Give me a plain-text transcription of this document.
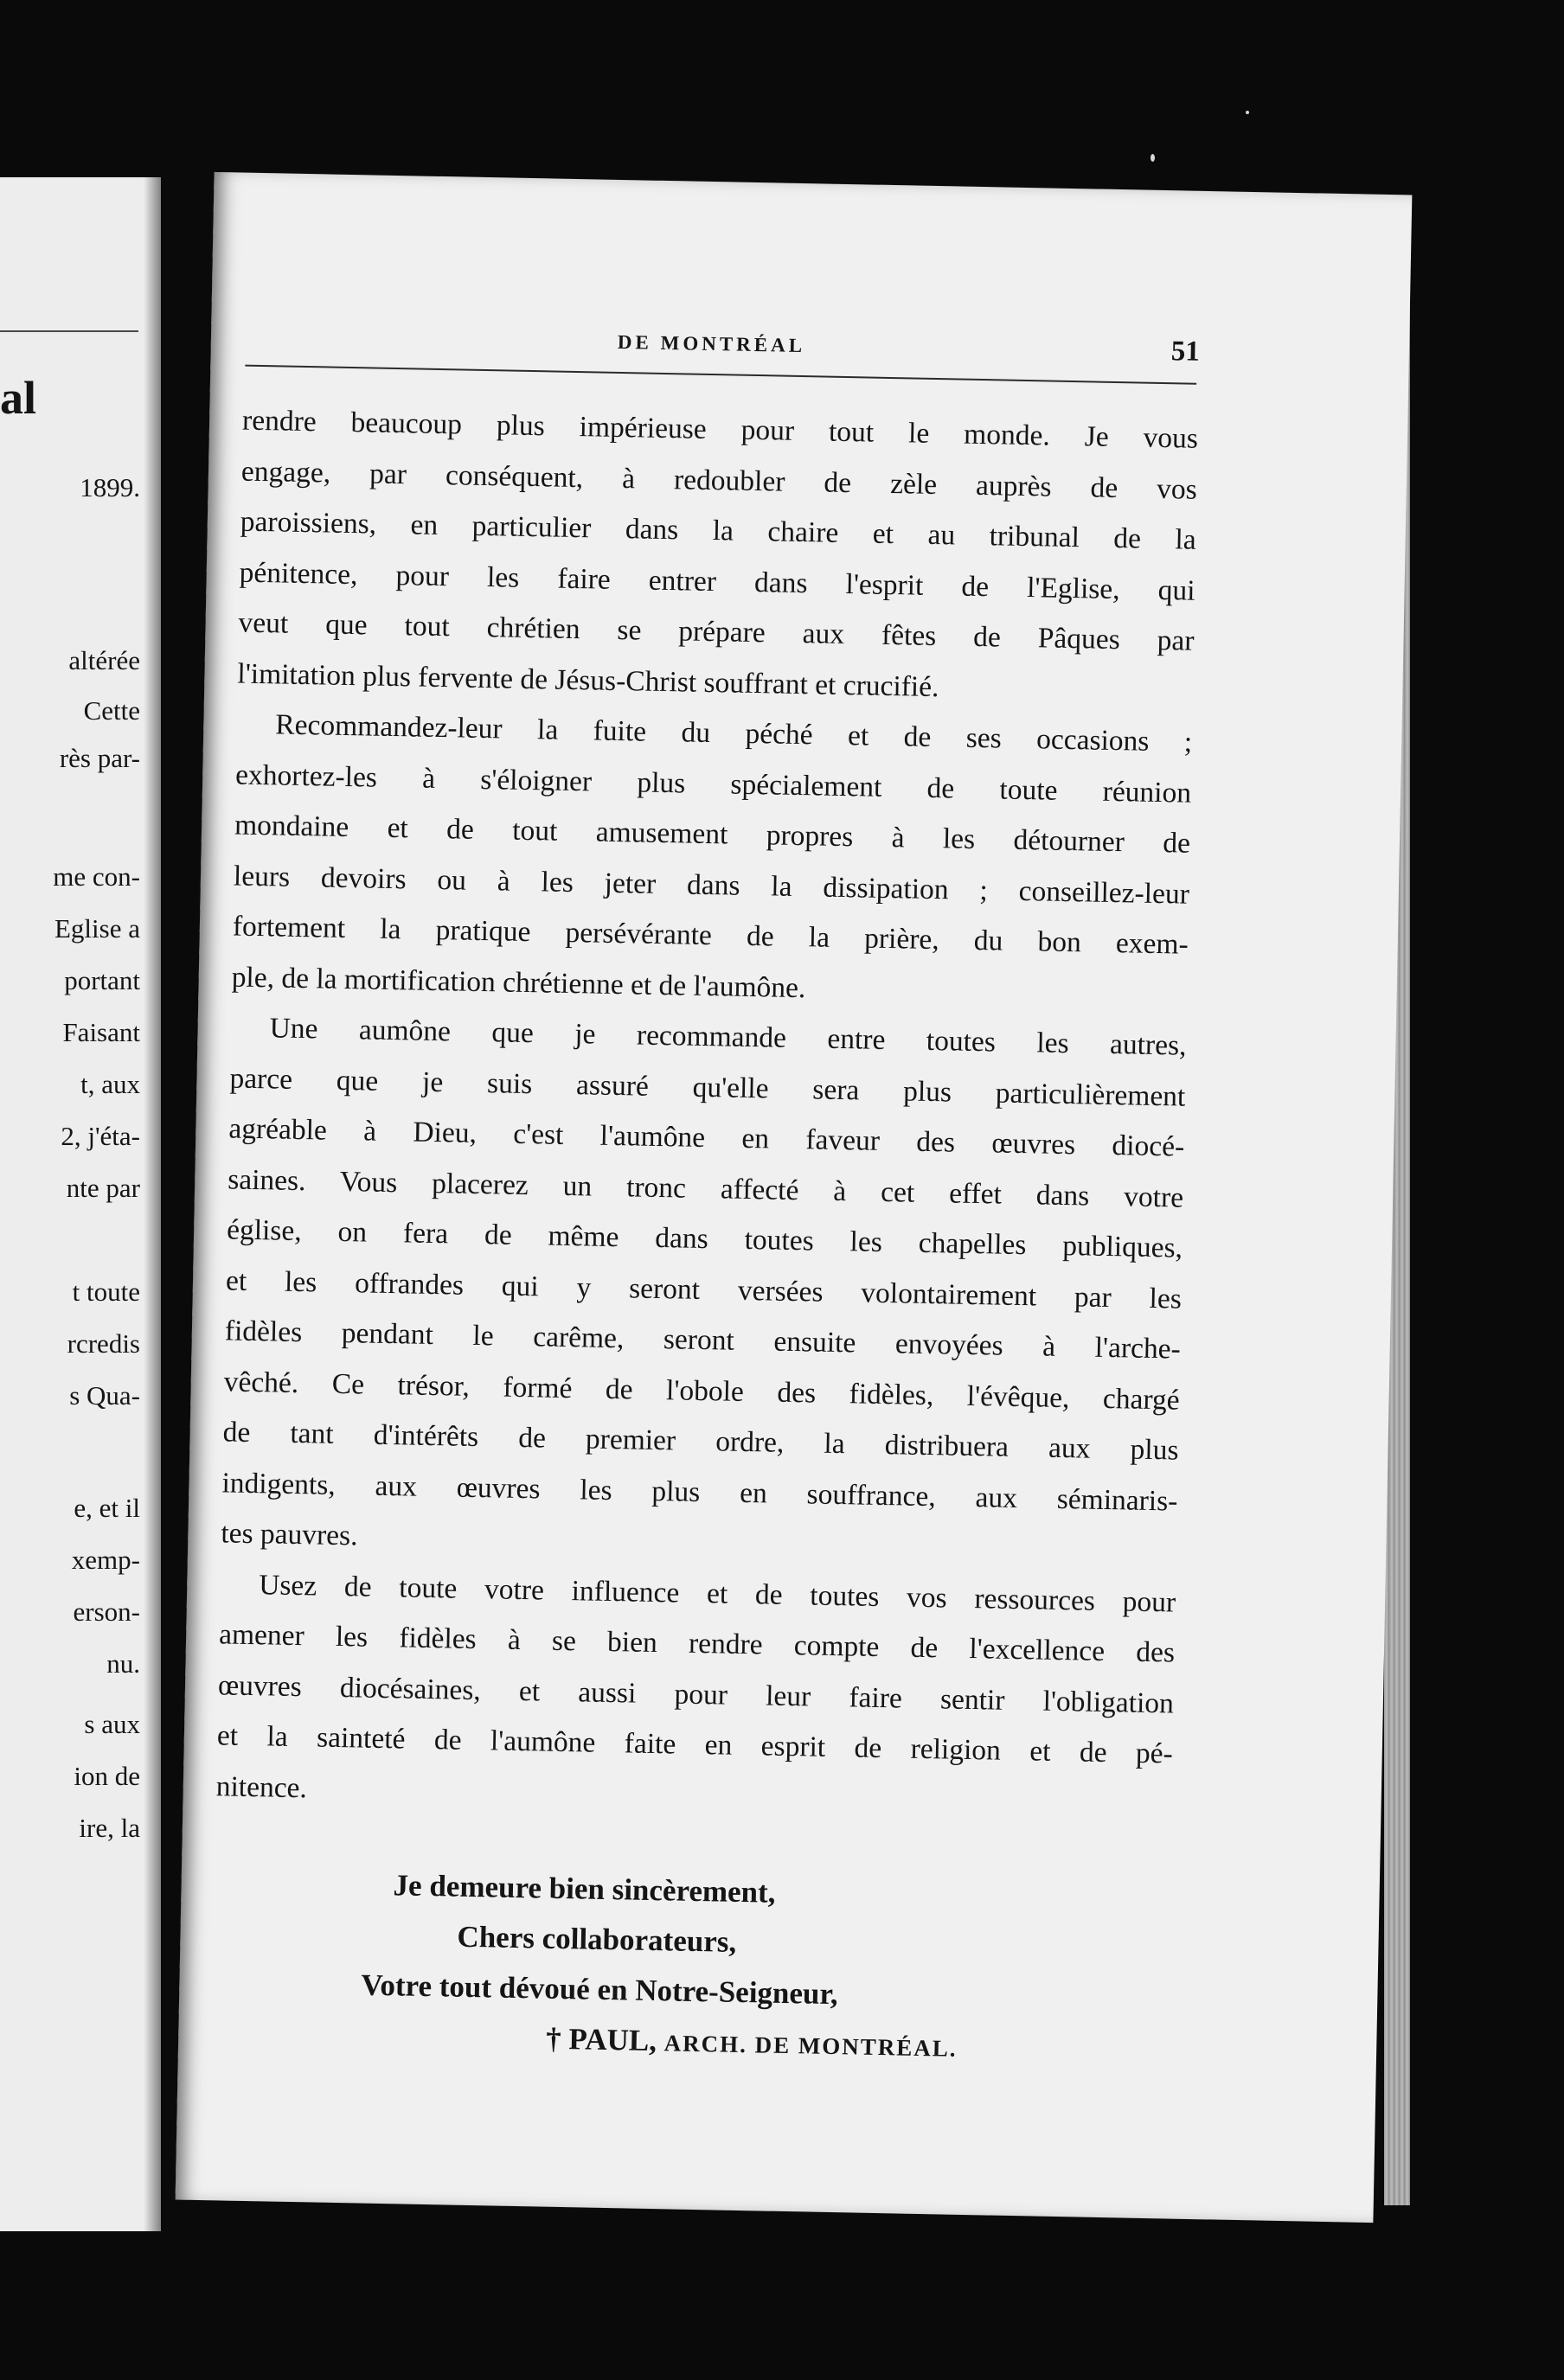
al
1899.
altérée
Cette
rès par-
me con-
Eglise a
portant
Faisant
t, aux
2, j'éta-
nte par
t toute
rcredis
s Qua-
e, et il
xemp-
erson-
nu.
s aux
ion de
ire, la
DE MONTRÉAL	51
rendre beaucoup plus impérieuse pour tout le monde. Je vous
engage, par conséquent, à redoubler de zèle auprès de vos
paroissiens, en particulier dans la chaire et au tribunal de la
pénitence, pour les faire entrer dans l'esprit de l'Eglise, qui
veut que tout chrétien se prépare aux fêtes de Pâques par
l'imitation plus fervente de Jésus-Christ souffrant et crucifié.
Recommandez-leur la fuite du péché et de ses occasions ;
exhortez-les à s'éloigner plus spécialement de toute réunion
mondaine et de tout amusement propres à les détourner de
leurs devoirs ou à les jeter dans la dissipation ; conseillez-leur
fortement la pratique persévérante de la prière, du bon exem-
ple, de la mortification chrétienne et de l'aumône.
Une aumône que je recommande entre toutes les autres,
parce que je suis assuré qu'elle sera plus particulièrement
agréable à Dieu, c'est l'aumône en faveur des œuvres diocé-
saines. Vous placerez un tronc affecté à cet effet dans votre
église, on fera de même dans toutes les chapelles publiques,
et les offrandes qui y seront versées volontairement par les
fidèles pendant le carême, seront ensuite envoyées à l'arche-
vêché. Ce trésor, formé de l'obole des fidèles, l'évêque, chargé
de tant d'intérêts de premier ordre, la distribuera aux plus
indigents, aux œuvres les plus en souffrance, aux séminaris-
tes pauvres.
Usez de toute votre influence et de toutes vos ressources pour
amener les fidèles à se bien rendre compte de l'excellence des
œuvres diocésaines, et aussi pour leur faire sentir l'obligation
et la sainteté de l'aumône faite en esprit de religion et de pé-
nitence.
Je demeure bien sincèrement,
Chers collaborateurs,
Votre tout dévoué en Notre-Seigneur,
† PAUL, ARCH. DE MONTRÉAL.
